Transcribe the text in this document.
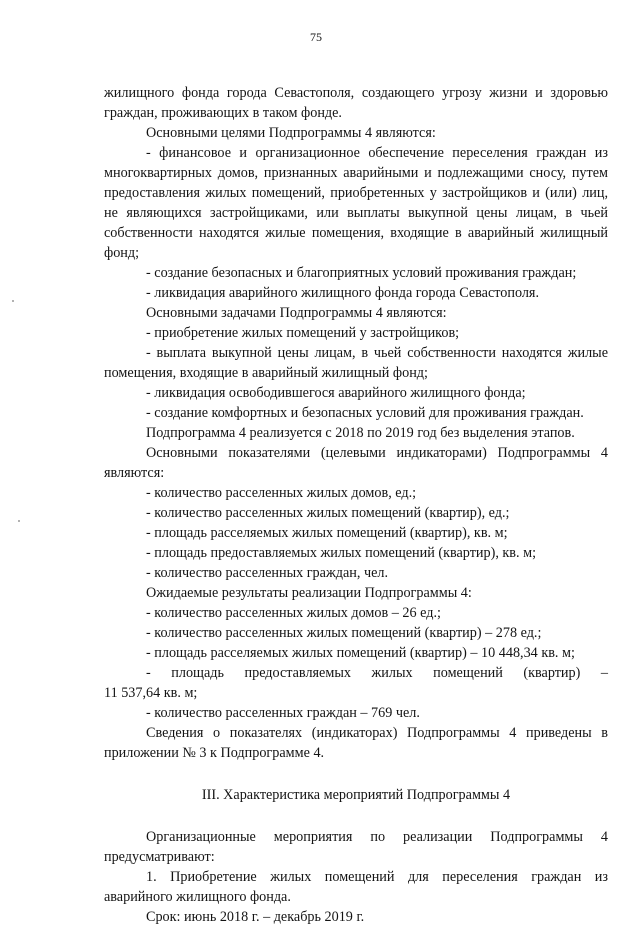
75

жилищного фонда города Севастополя, создающего угрозу жизни и здоровью граждан, проживающих в таком фонде.

Основными целями Подпрограммы 4 являются:

- финансовое и организационное обеспечение переселения граждан из многоквартирных домов, признанных аварийными и подлежащими сносу, путем предоставления жилых помещений, приобретенных у застройщиков и (или) лиц, не являющихся застройщиками, или выплаты выкупной цены лицам, в чьей собственности находятся жилые помещения, входящие в аварийный жилищный фонд;

- создание безопасных и благоприятных условий проживания граждан;

- ликвидация аварийного жилищного фонда города Севастополя.

Основными задачами Подпрограммы 4 являются:

- приобретение жилых помещений у застройщиков;

- выплата выкупной цены лицам, в чьей собственности находятся жилые помещения, входящие в аварийный жилищный фонд;

- ликвидация освободившегося аварийного жилищного фонда;

- создание комфортных и безопасных условий для проживания граждан.

Подпрограмма 4 реализуется с 2018 по 2019 год без выделения этапов.

Основными показателями (целевыми индикаторами) Подпрограммы 4 являются:

- количество расселенных жилых домов, ед.;

- количество расселенных жилых помещений (квартир), ед.;

- площадь расселяемых жилых помещений (квартир), кв. м;

- площадь предоставляемых жилых помещений (квартир), кв. м;

- количество расселенных граждан, чел.

Ожидаемые результаты реализации Подпрограммы 4:

- количество расселенных жилых домов – 26 ед.;

- количество расселенных жилых помещений (квартир) – 278 ед.;

- площадь расселяемых жилых помещений (квартир) – 10 448,34 кв. м;

- площадь предоставляемых жилых помещений (квартир) –

11 537,64 кв. м;

- количество расселенных граждан – 769 чел.

Сведения о показателях (индикаторах) Подпрограммы 4 приведены в приложении № 3 к Подпрограмме 4.

III. Характеристика мероприятий Подпрограммы 4

Организационные мероприятия по реализации Подпрограммы 4 предусматривают:

1. Приобретение жилых помещений для переселения граждан из аварийного жилищного фонда.

Срок: июнь 2018 г. – декабрь 2019 г.
